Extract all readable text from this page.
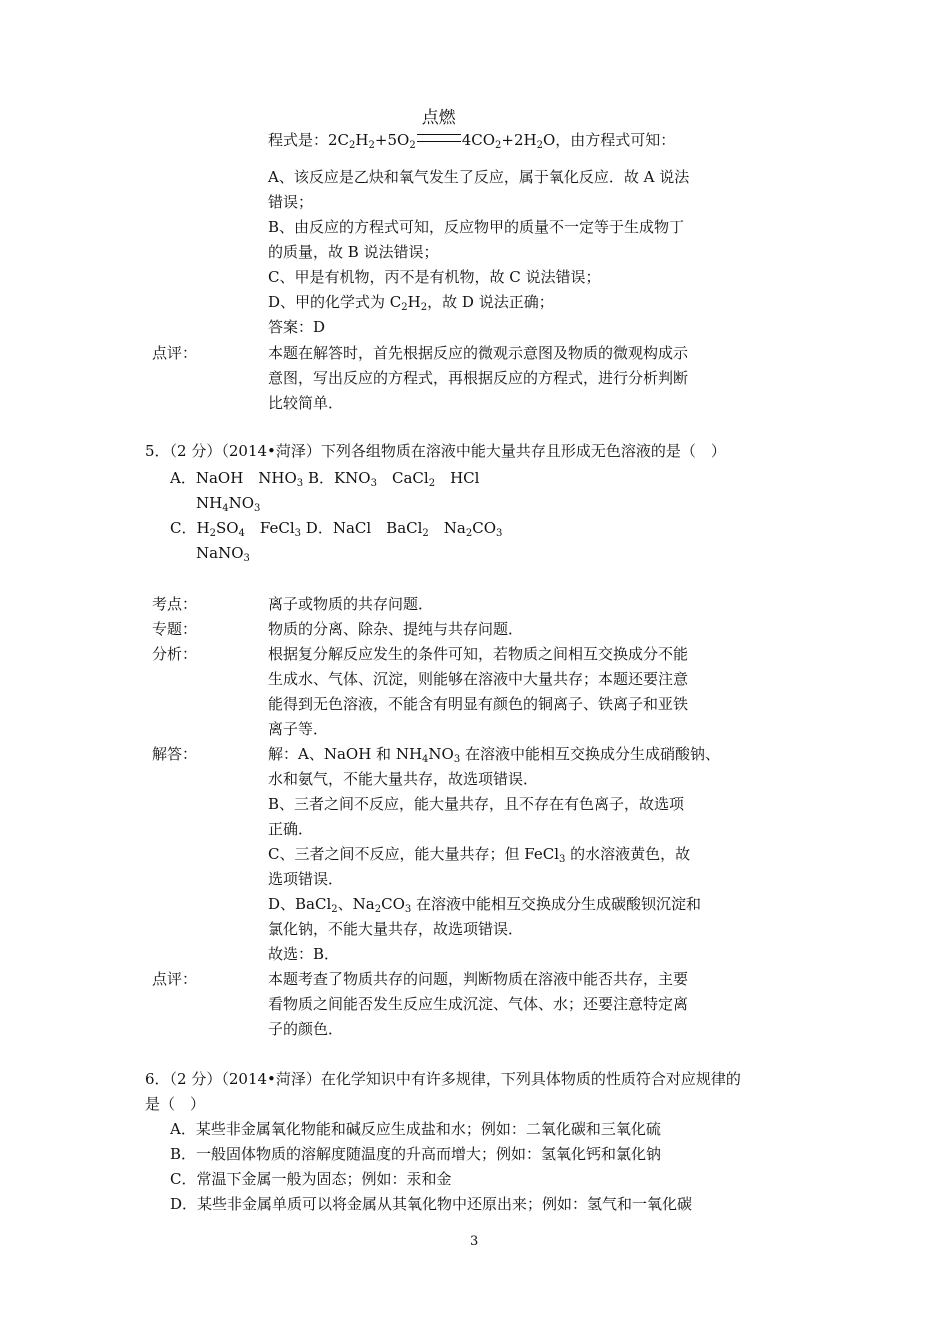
程式是：$2C_2H_2+5O_2$
点燃
$4CO_2+2H_2O$，由方程式可知：
A、该反应是乙炔和氧气发生了反应，属于氧化反应．故 A 说法
错误；
B、由反应的方程式可知，反应物甲的质量不一定等于生成物丁
的质量，故 B 说法错误；
C、甲是有机物，丙不是有机物，故 C 说法错误；
D、甲的化学式为 $C_2H_2$，故 D 说法正确；
答案：D
点评：	本题在解答时，首先根据反应的微观示意图及物质的微观构成示
意图，写出反应的方程式，再根据反应的方程式，进行分析判断
比较简单．
5．（2 分）（2014•菏泽）下列各组物质在溶液中能大量共存且形成无色溶液的是（　）
A．NaOH　$NHO_3$ B．$KNO_3$　CaCl$_2$　HCl
$NH_4NO_3$
C．$H_2SO_4$　FeCl$_3$ D．NaCl　BaCl$_2$　$Na_2CO_3$
NaNO$_3$
考点：	离子或物质的共存问题．
专题：	物质的分离、除杂、提纯与共存问题．
分析：	根据复分解反应发生的条件可知，若物质之间相互交换成分不能
生成水、气体、沉淀，则能够在溶液中大量共存；本题还要注意
能得到无色溶液，不能含有明显有颜色的铜离子、铁离子和亚铁
离子等．
解答：	解：A、NaOH 和 $NH_4NO_3$ 在溶液中能相互交换成分生成硝酸钠、
水和氨气，不能大量共存，故选项错误．
B、三者之间不反应，能大量共存，且不存在有色离子，故选项
正确．
C、三者之间不反应，能大量共存；但 FeCl$_3$ 的水溶液黄色，故
选项错误．
D、BaCl$_2$、$Na_2CO_3$ 在溶液中能相互交换成分生成碳酸钡沉淀和
氯化钠，不能大量共存，故选项错误．
故选：B．
点评：	本题考查了物质共存的问题，判断物质在溶液中能否共存，主要
看物质之间能否发生反应生成沉淀、气体、水；还要注意特定离
子的颜色．
6．（2 分）（2014•菏泽）在化学知识中有许多规律，下列具体物质的性质符合对应规律的
是（　）
A．某些非金属氧化物能和碱反应生成盐和水；例如：二氧化碳和三氧化硫
B．一般固体物质的溶解度随温度的升高而增大；例如：氢氧化钙和氯化钠
C．常温下金属一般为固态；例如：汞和金
D．某些非金属单质可以将金属从其氧化物中还原出来；例如：氢气和一氧化碳
3
